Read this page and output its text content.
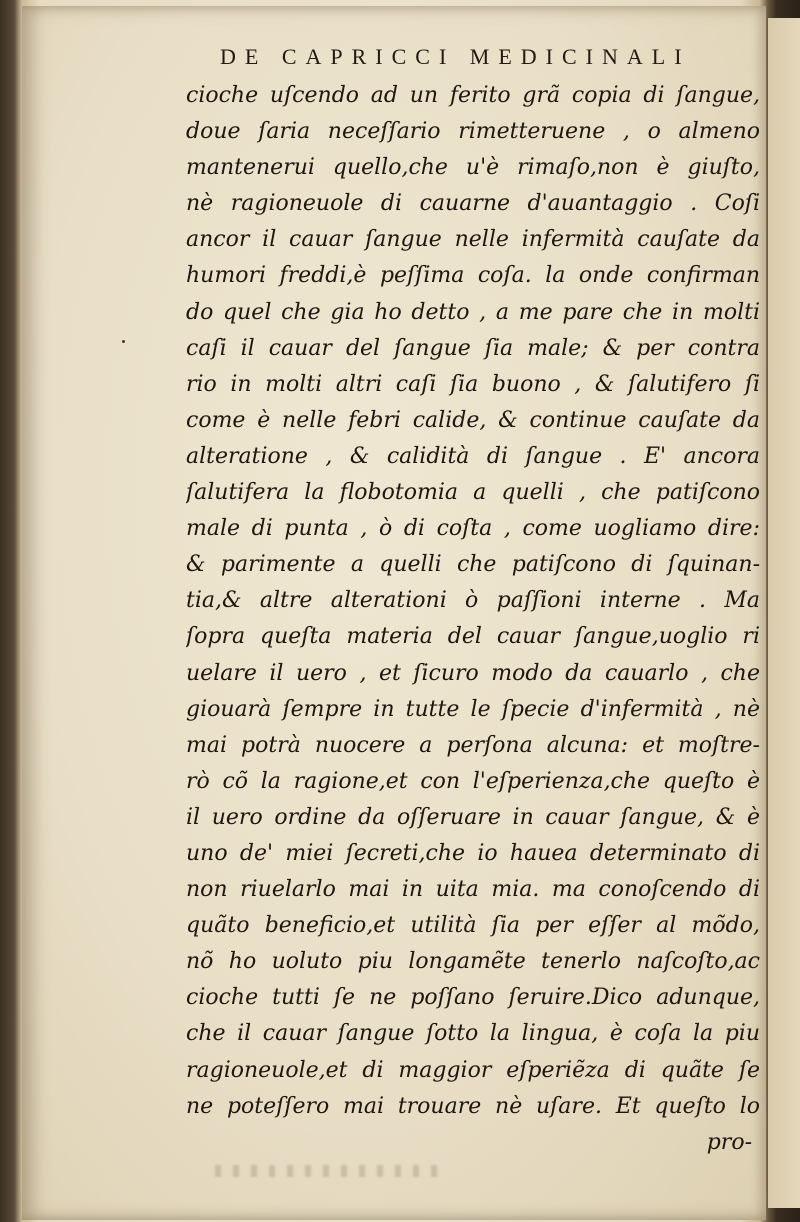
DE CAPRICCI MEDICINALI
cioche uſcendo ad un ferito grã copia di ſangue,
doue ſaria neceſſario rimetteruene , o almeno
mantenerui quello,che u'è rimaſo,non è giuſto,
nè ragioneuole di cauarne d'auantaggio . Coſi
ancor il cauar ſangue nelle infermità cauſate da
humori freddi,è peſſima coſa. la onde confirman
do quel che gia ho detto , a me pare che in molti
caſi il cauar del ſangue ſia male; & per contra
rio in molti altri caſi ſia buono , & ſalutifero ſi
come è nelle febri calide, & continue cauſate da
alteratione , & calidità di ſangue . E' ancora
ſalutifera la flobotomia a quelli , che patiſcono
male di punta , ò di coſta , come uogliamo dire:
& parimente a quelli che patiſcono di ſquinan-
tia,& altre alterationi ò paſſioni interne . Ma
ſopra queſta materia del cauar ſangue,uoglio ri
uelare il uero , et ſicuro modo da cauarlo , che
giouarà ſempre in tutte le ſpecie d'infermità , nè
mai potrà nuocere a perſona alcuna: et moſtre-
rò cõ la ragione,et con l'eſperienza,che queſto è
il uero ordine da oſſeruare in cauar ſangue, & è
uno de' miei ſecreti,che io haueа determinato di
non riuelarlo mai in uita mia. ma conoſcendo di
quãto beneficio,et utilità ſia per eſſer al mõdo,
nõ ho uoluto piu longamẽte tenerlo naſcoſto,ac
cioche tutti ſe ne poſſano ſeruire.Dico adunque,
che il cauar ſangue ſotto la lingua, è coſa la piu
ragioneuole,et di maggior eſperiẽza di quãte ſe
ne poteſſero mai trouare nè uſare. Et queſto lo
pro-
